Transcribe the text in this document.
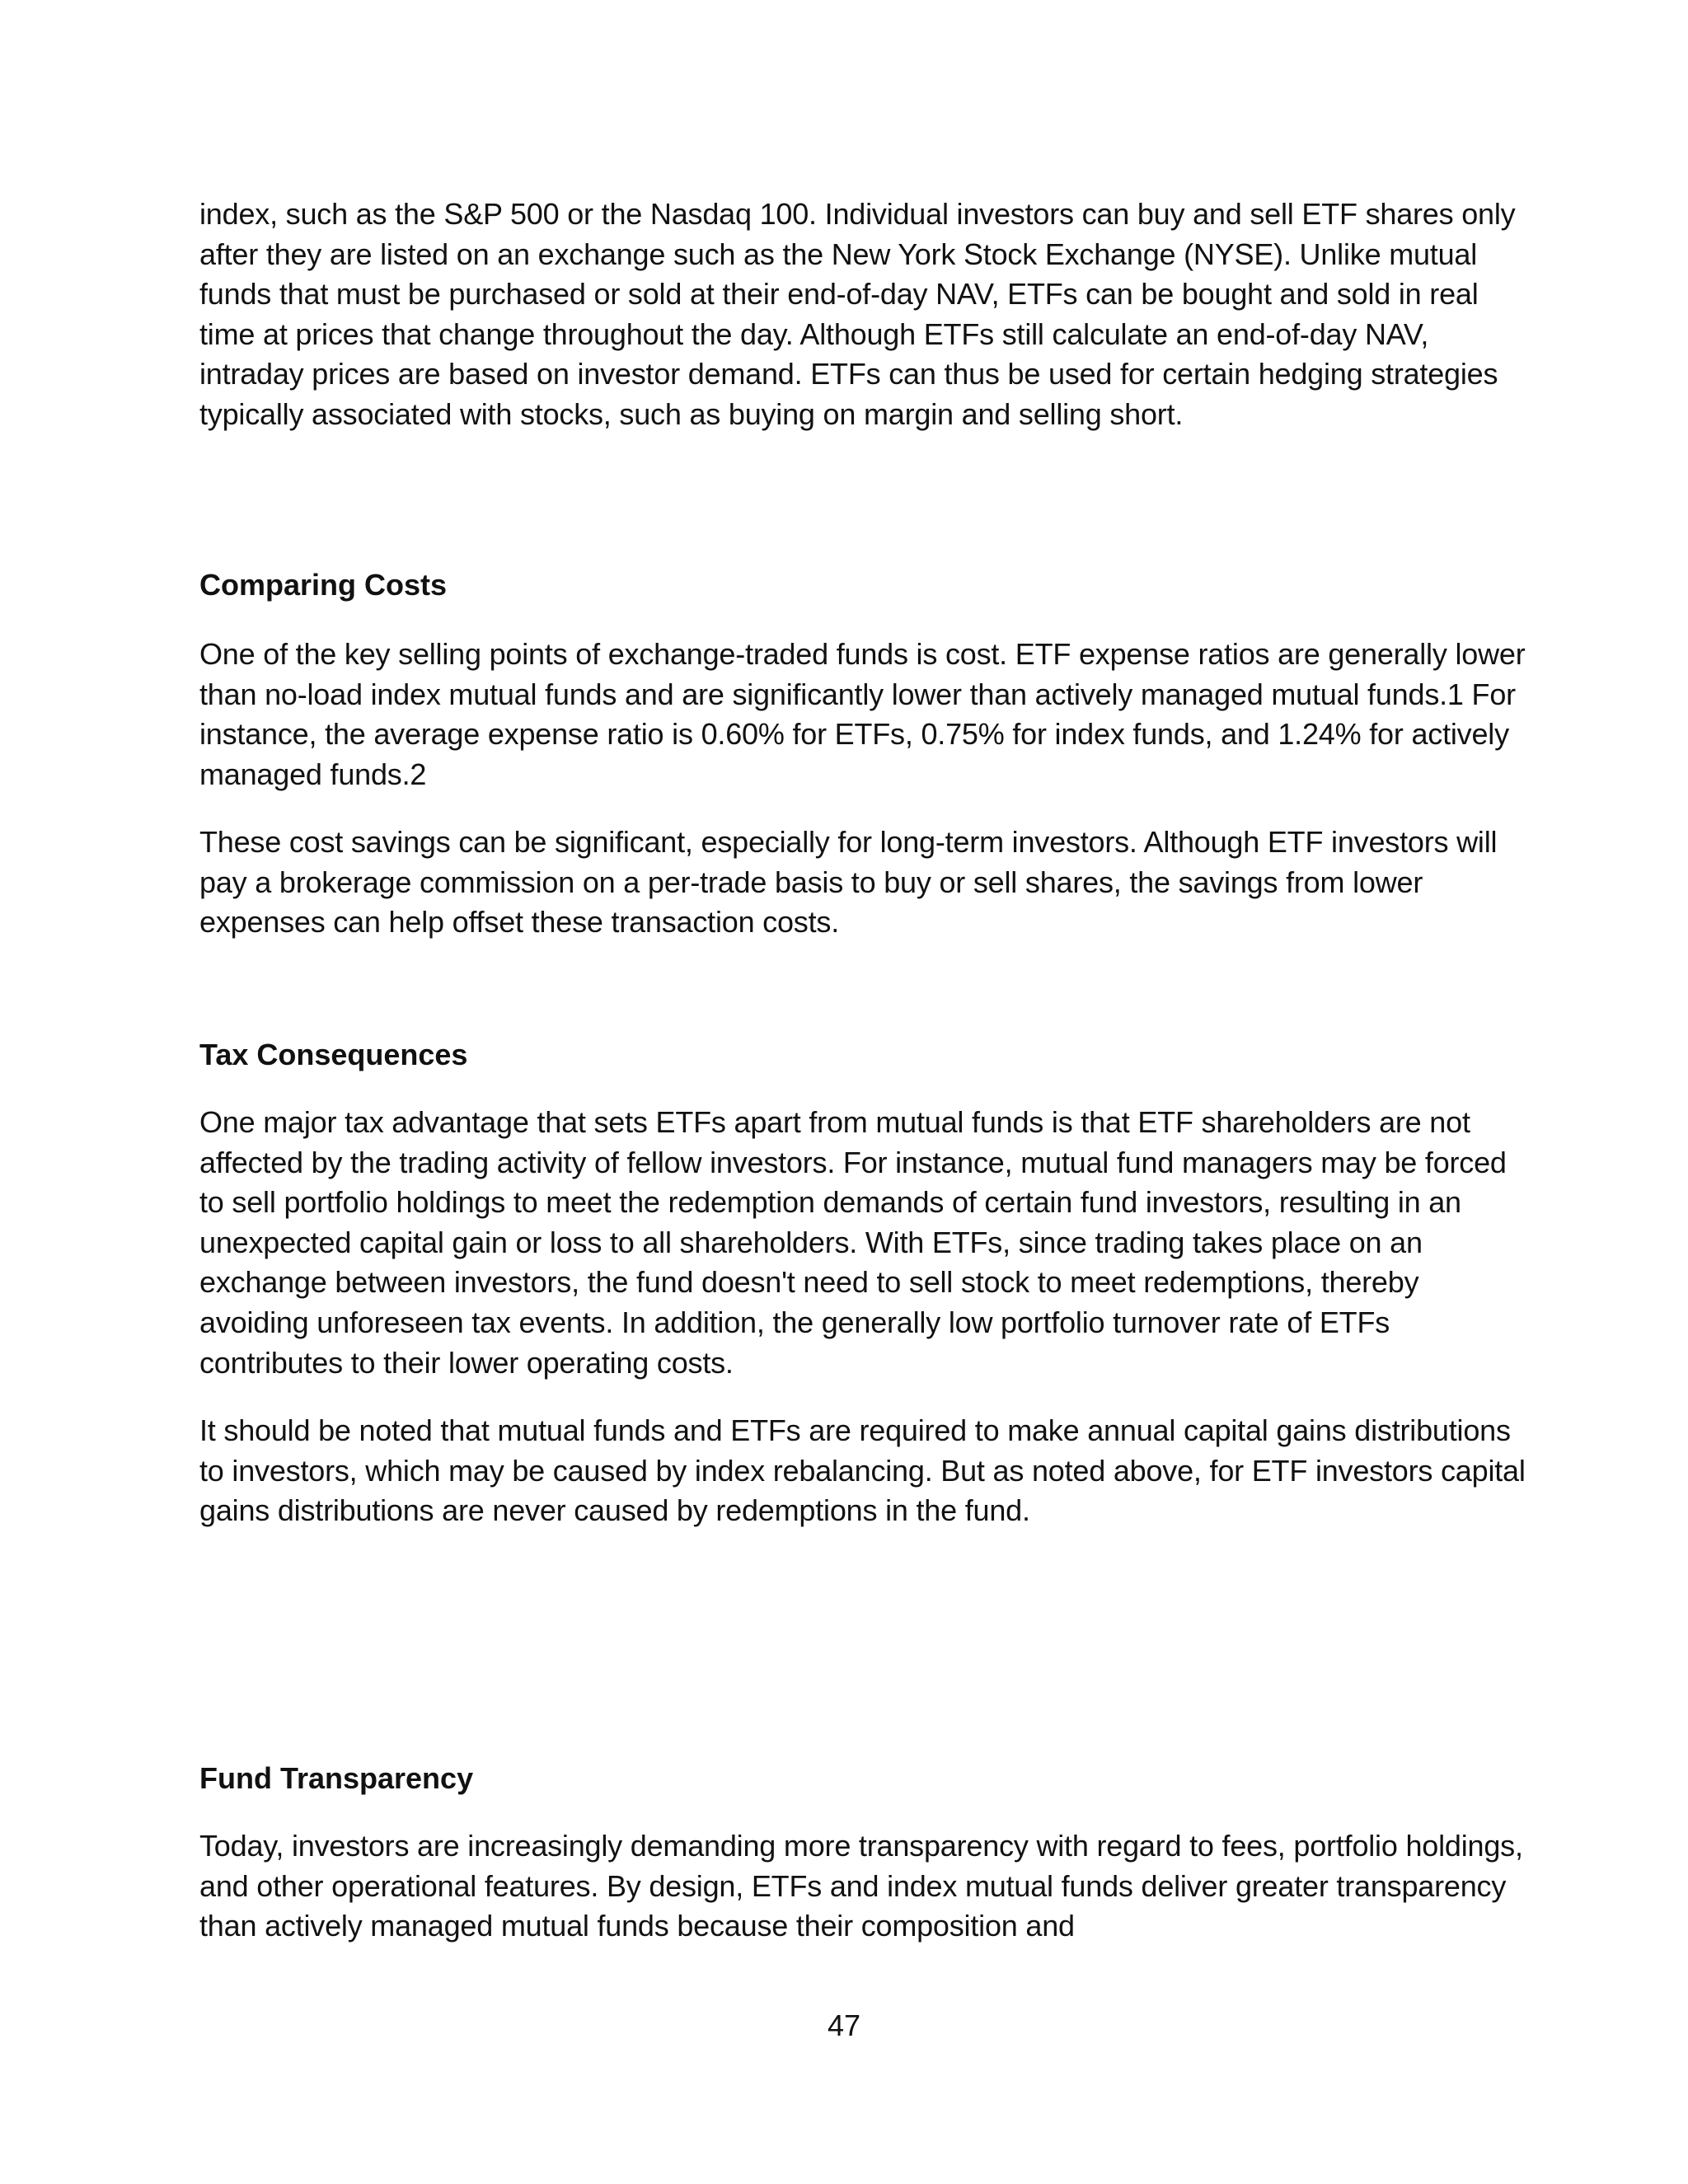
index, such as the S&P 500 or the Nasdaq 100. Individual investors can buy and sell ETF shares only after they are listed on an exchange such as the New York Stock Exchange (NYSE). Unlike mutual funds that must be purchased or sold at their end-of-day NAV, ETFs can be bought and sold in real time at prices that change throughout the day. Although ETFs still calculate an end-of-day NAV, intraday prices are based on investor demand. ETFs can thus be used for certain hedging strategies typically associated with stocks, such as buying on margin and selling short.

Comparing Costs

One of the key selling points of exchange-traded funds is cost. ETF expense ratios are generally lower than no-load index mutual funds and are significantly lower than actively managed mutual funds.1 For instance, the average expense ratio is 0.60% for ETFs, 0.75% for index funds, and 1.24% for actively managed funds.2

These cost savings can be significant, especially for long-term investors. Although ETF investors will pay a brokerage commission on a per-trade basis to buy or sell shares, the savings from lower expenses can help offset these transaction costs.

Tax Consequences

One major tax advantage that sets ETFs apart from mutual funds is that ETF shareholders are not affected by the trading activity of fellow investors. For instance, mutual fund managers may be forced to sell portfolio holdings to meet the redemption demands of certain fund investors, resulting in an unexpected capital gain or loss to all shareholders. With ETFs, since trading takes place on an exchange between investors, the fund doesn't need to sell stock to meet redemptions, thereby avoiding unforeseen tax events. In addition, the generally low portfolio turnover rate of ETFs contributes to their lower operating costs.

It should be noted that mutual funds and ETFs are required to make annual capital gains distributions to investors, which may be caused by index rebalancing. But as noted above, for ETF investors capital gains distributions are never caused by redemptions in the fund.

Fund Transparency

Today, investors are increasingly demanding more transparency with regard to fees, portfolio holdings, and other operational features. By design, ETFs and index mutual funds deliver greater transparency than actively managed mutual funds because their composition and

47
